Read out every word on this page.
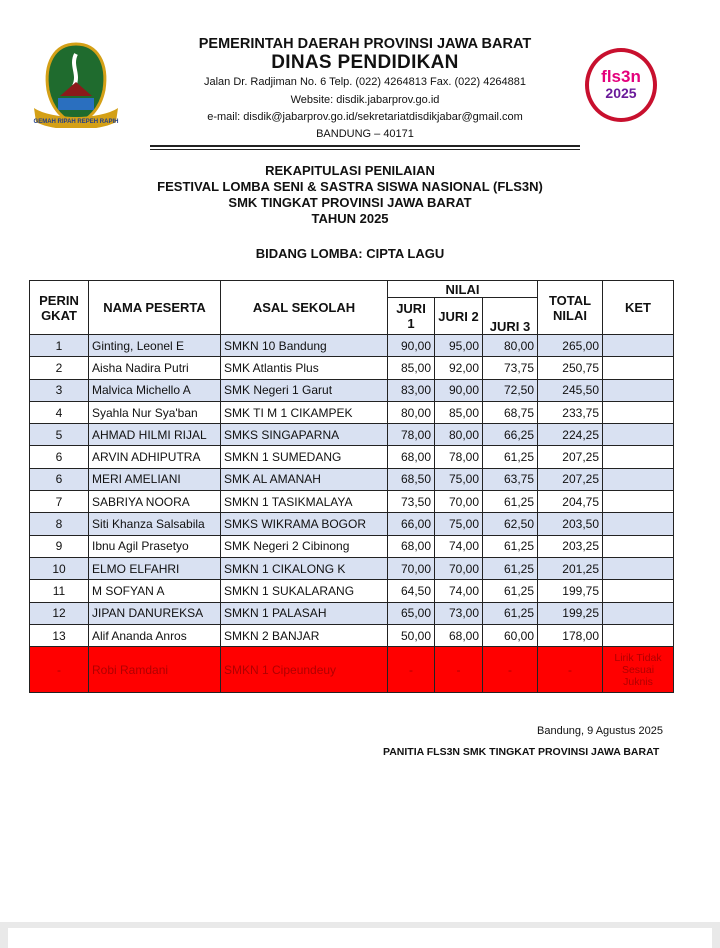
GEMAH RIPAH REPEH RAPIH
PEMERINTAH DAERAH PROVINSI JAWA BARAT
DINAS PENDIDIKAN
Jalan Dr. Radjiman No. 6 Telp. (022) 4264813 Fax. (022) 4264881
Website: disdik.jabarprov.go.id
e-mail: disdik@jabarprov.go.id/sekretariatdisdikjabar@gmail.com
BANDUNG – 40171
fls3n
2025
REKAPITULASI PENILAIAN
FESTIVAL LOMBA SENI & SASTRA SISWA NASIONAL (FLS3N)
SMK TINGKAT PROVINSI JAWA BARAT
TAHUN 2025
BIDANG LOMBA: CIPTA LAGU
PERIN GKAT	NAMA PESERTA	ASAL SEKOLAH	NILAI			TOTAL NILAI	KET
			JURI 1	JURI 2	JURI 3		
1	Ginting, Leonel E	SMKN 10 Bandung	90,00	95,00	80,00	265,00	
2	Aisha Nadira Putri	SMK Atlantis Plus	85,00	92,00	73,75	250,75	
3	Malvica Michello A	SMK Negeri 1 Garut	83,00	90,00	72,50	245,50	
4	Syahla Nur Sya'ban	SMK TI M 1 CIKAMPEK	80,00	85,00	68,75	233,75	
5	AHMAD HILMI RIJAL	SMKS SINGAPARNA	78,00	80,00	66,25	224,25	
6	ARVIN ADHIPUTRA	SMKN 1 SUMEDANG	68,00	78,00	61,25	207,25	
6	MERI AMELIANI	SMK AL AMANAH	68,50	75,00	63,75	207,25	
7	SABRIYA NOORA	SMKN 1 TASIKMALAYA	73,50	70,00	61,25	204,75	
8	Siti Khanza Salsabila	SMKS WIKRAMA BOGOR	66,00	75,00	62,50	203,50	
9	Ibnu Agil Prasetyo	SMK Negeri 2 Cibinong	68,00	74,00	61,25	203,25	
10	ELMO ELFAHRI	SMKN 1 CIKALONG K	70,00	70,00	61,25	201,25	
11	M SOFYAN A	SMKN 1 SUKALARANG	64,50	74,00	61,25	199,75	
12	JIPAN DANUREKSA	SMKN 1 PALASAH	65,00	73,00	61,25	199,25	
13	Alif Ananda Anros	SMKN 2 BANJAR	50,00	68,00	60,00	178,00	
-	Robi Ramdani	SMKN 1 Cipeundeuy	-	-	-	-	Lirik Tidak Sesuai Juknis
Bandung, 9 Agustus 2025
PANITIA FLS3N SMK TINGKAT PROVINSI JAWA BARAT
